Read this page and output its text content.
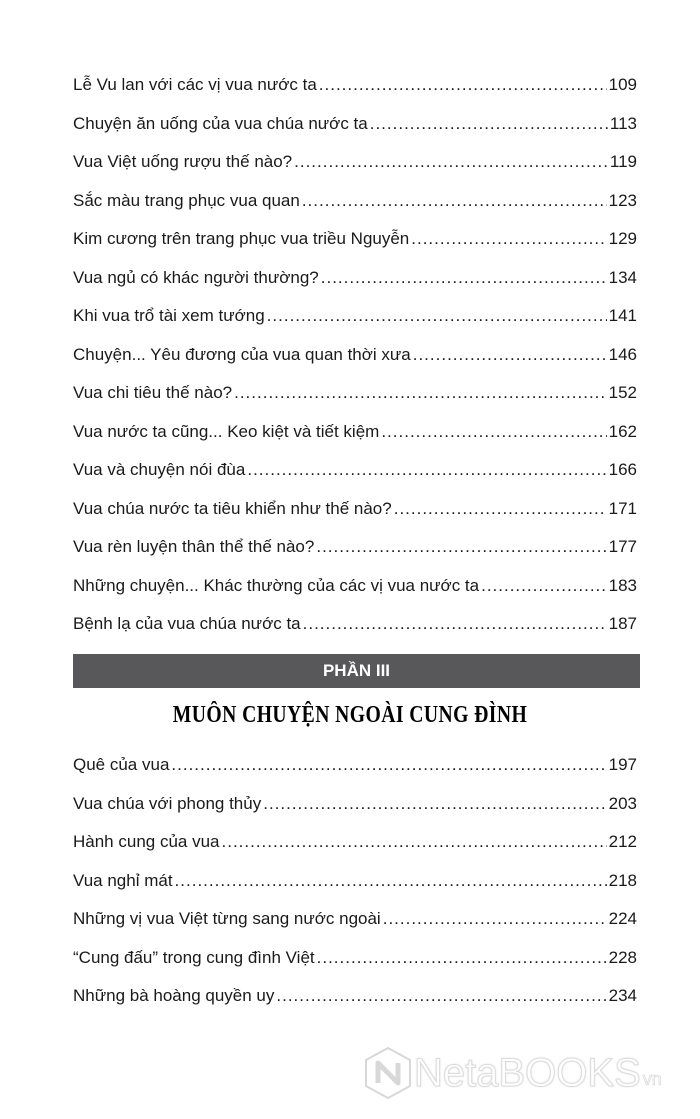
Lễ Vu lan với các vị vua nước ta .....	109
Chuyện ăn uống của vua chúa nước ta .....	113
Vua Việt uống rượu thế nào? .....	119
Sắc màu trang phục vua quan .....	123
Kim cương trên trang phục vua triều Nguyễn .....	129
Vua ngủ có khác người thường? .....	134
Khi vua trổ tài xem tướng .....	141
Chuyện... Yêu đương của vua quan thời xưa .....	146
Vua chi tiêu thế nào? .....	152
Vua nước ta cũng... Keo kiệt và tiết kiệm .....	162
Vua và chuyện nói đùa .....	166
Vua chúa nước ta tiêu khiển như thế nào? .....	171
Vua rèn luyện thân thể thế nào? .....	177
Những chuyện... Khác thường của các vị vua nước ta .....	183
Bệnh lạ của vua chúa nước ta .....	187
PHẦN III
MUÔN CHUYỆN NGOÀI CUNG ĐÌNH
Quê của vua .....	197
Vua chúa với phong thủy .....	203
Hành cung của vua .....	212
Vua nghỉ mát .....	218
Những vị vua Việt từng sang nước ngoài .....	224
“Cung đấu” trong cung đình Việt .....	228
Những bà hoàng quyền uy .....	234
NetaBOOKS vn
